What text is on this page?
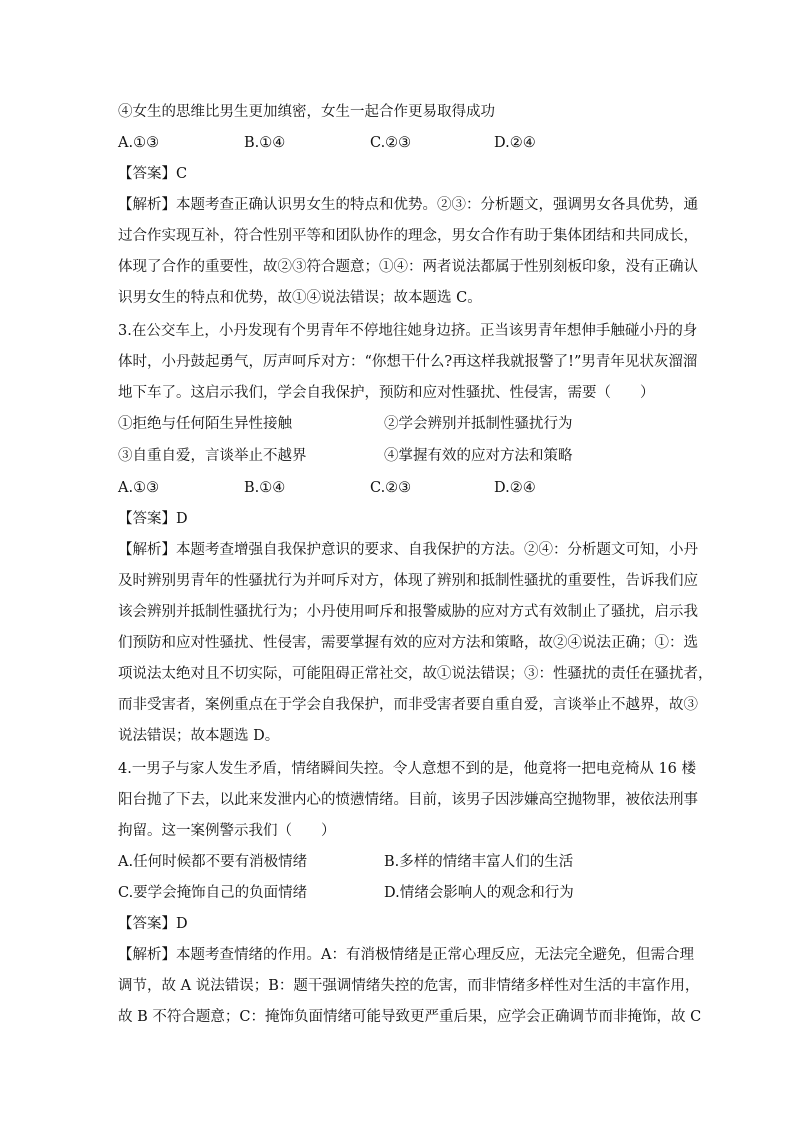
④女生的思维比男生更加缜密，女生一起合作更易取得成功
A.①③	B.①④	C.②③	D.②④
【答案】C
【解析】本题考查正确认识男女生的特点和优势。②③：分析题文，强调男女各具优势，通
过合作实现互补，符合性别平等和团队协作的理念，男女合作有助于集体团结和共同成长，
体现了合作的重要性，故②③符合题意；①④：两者说法都属于性别刻板印象，没有正确认
识男女生的特点和优势，故①④说法错误；故本题选 C。
3.在公交车上，小丹发现有个男青年不停地往她身边挤。正当该男青年想伸手触碰小丹的身
体时，小丹鼓起勇气，厉声呵斥对方：“你想干什么?再这样我就报警了!”男青年见状灰溜溜
地下车了。这启示我们，学会自我保护，预防和应对性骚扰、性侵害，需要（　　）
①拒绝与任何陌生异性接触	②学会辨别并抵制性骚扰行为
③自重自爱，言谈举止不越界	④掌握有效的应对方法和策略
A.①③	B.①④	C.②③	D.②④
【答案】D
【解析】本题考查增强自我保护意识的要求、自我保护的方法。②④：分析题文可知，小丹
及时辨别男青年的性骚扰行为并呵斥对方，体现了辨别和抵制性骚扰的重要性，告诉我们应
该会辨别并抵制性骚扰行为；小丹使用呵斥和报警威胁的应对方式有效制止了骚扰，启示我
们预防和应对性骚扰、性侵害，需要掌握有效的应对方法和策略，故②④说法正确；①：选
项说法太绝对且不切实际，可能阻碍正常社交，故①说法错误；③：性骚扰的责任在骚扰者，
而非受害者，案例重点在于学会自我保护，而非受害者要自重自爱，言谈举止不越界，故③
说法错误；故本题选 D。
4.一男子与家人发生矛盾，情绪瞬间失控。令人意想不到的是，他竟将一把电竞椅从 16 楼
阳台抛了下去，以此来发泄内心的愤懑情绪。目前，该男子因涉嫌高空抛物罪，被依法刑事
拘留。这一案例警示我们（　　）
A.任何时候都不要有消极情绪	B.多样的情绪丰富人们的生活
C.要学会掩饰自己的负面情绪	D.情绪会影响人的观念和行为
【答案】D
【解析】本题考查情绪的作用。A：有消极情绪是正常心理反应，无法完全避免，但需合理
调节，故 A 说法错误；B：题干强调情绪失控的危害，而非情绪多样性对生活的丰富作用，
故 B 不符合题意；C：掩饰负面情绪可能导致更严重后果，应学会正确调节而非掩饰，故 C
